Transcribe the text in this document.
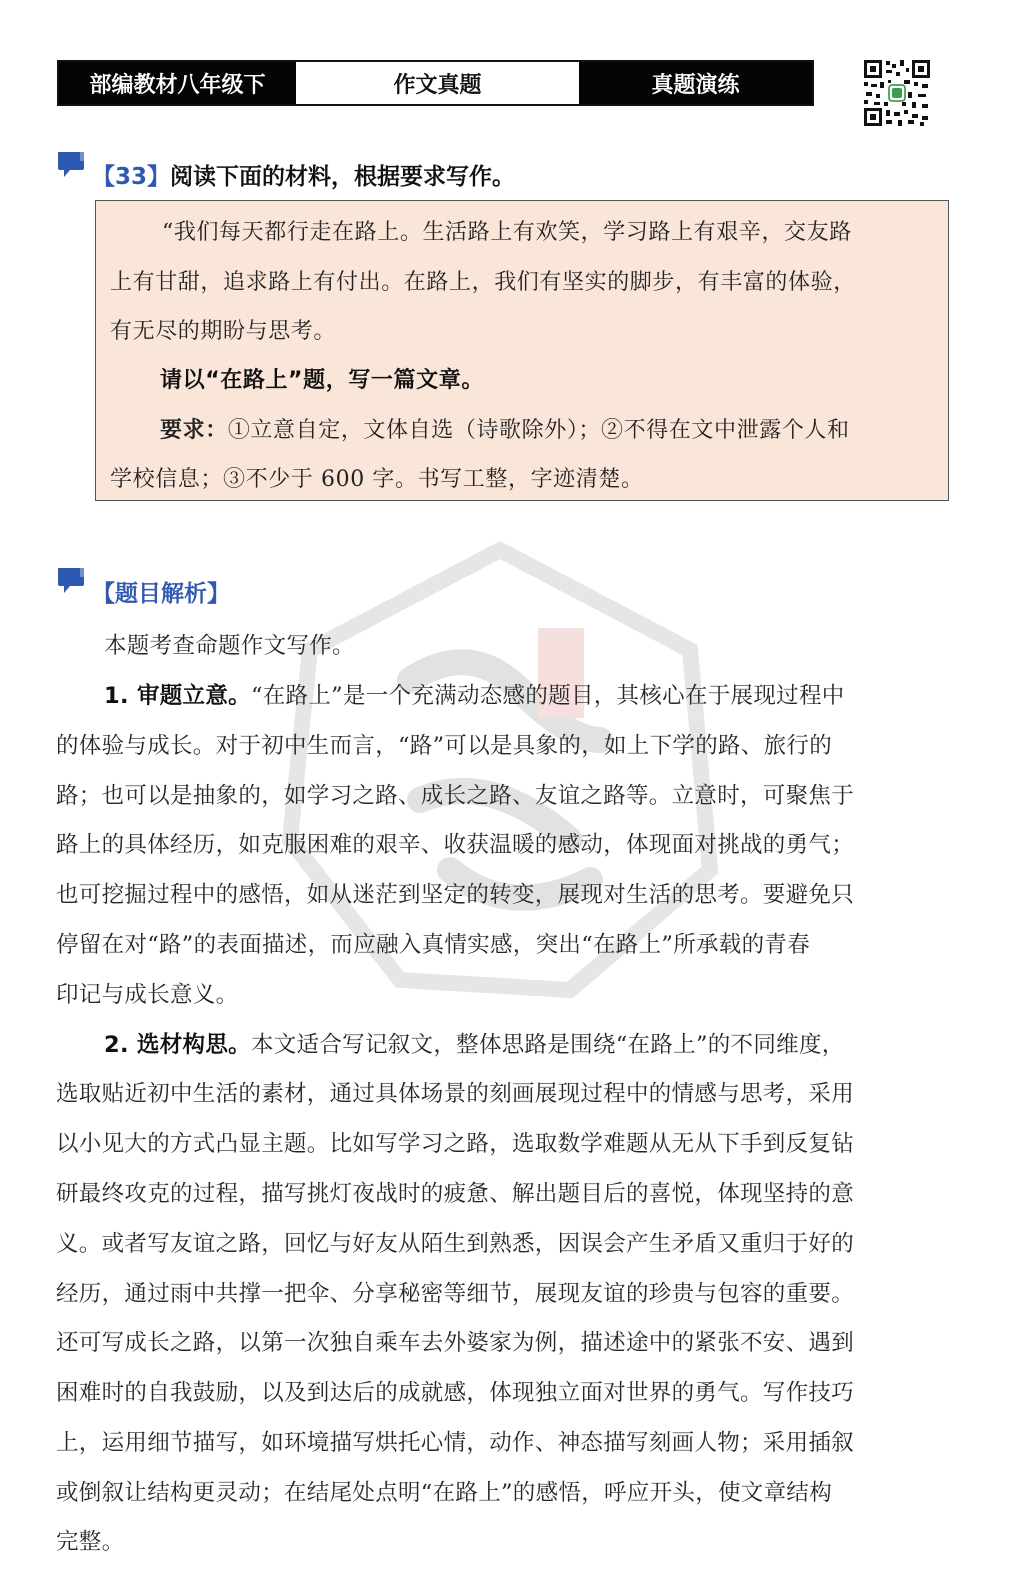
部编教材八年级下	作文真题	真题演练
【33】阅读下面的材料，根据要求写作。
“我们每天都行走在路上。生活路上有欢笑，学习路上有艰辛，交友路
上有甘甜，追求路上有付出。在路上，我们有坚实的脚步，有丰富的体验，
有无尽的期盼与思考。
请以“在路上”题，写一篇文章。
要求：①立意自定，文体自选（诗歌除外）；②不得在文中泄露个人和
学校信息；③不少于 600 字。书写工整，字迹清楚。
【题目解析】
本题考查命题作文写作。
1. 审题立意。“在路上”是一个充满动态感的题目，其核心在于展现过程中
的体验与成长。对于初中生而言，“路”可以是具象的，如上下学的路、旅行的
路；也可以是抽象的，如学习之路、成长之路、友谊之路等。立意时，可聚焦于
路上的具体经历，如克服困难的艰辛、收获温暖的感动，体现面对挑战的勇气；
也可挖掘过程中的感悟，如从迷茫到坚定的转变，展现对生活的思考。要避免只
停留在对“路”的表面描述，而应融入真情实感，突出“在路上”所承载的青春
印记与成长意义。
2. 选材构思。本文适合写记叙文，整体思路是围绕“在路上”的不同维度，
选取贴近初中生活的素材，通过具体场景的刻画展现过程中的情感与思考，采用
以小见大的方式凸显主题。比如写学习之路，选取数学难题从无从下手到反复钻
研最终攻克的过程，描写挑灯夜战时的疲惫、解出题目后的喜悦，体现坚持的意
义。或者写友谊之路，回忆与好友从陌生到熟悉，因误会产生矛盾又重归于好的
经历，通过雨中共撑一把伞、分享秘密等细节，展现友谊的珍贵与包容的重要。
还可写成长之路，以第一次独自乘车去外婆家为例，描述途中的紧张不安、遇到
困难时的自我鼓励，以及到达后的成就感，体现独立面对世界的勇气。写作技巧
上，运用细节描写，如环境描写烘托心情，动作、神态描写刻画人物；采用插叙
或倒叙让结构更灵动；在结尾处点明“在路上”的感悟，呼应开头，使文章结构
完整。
